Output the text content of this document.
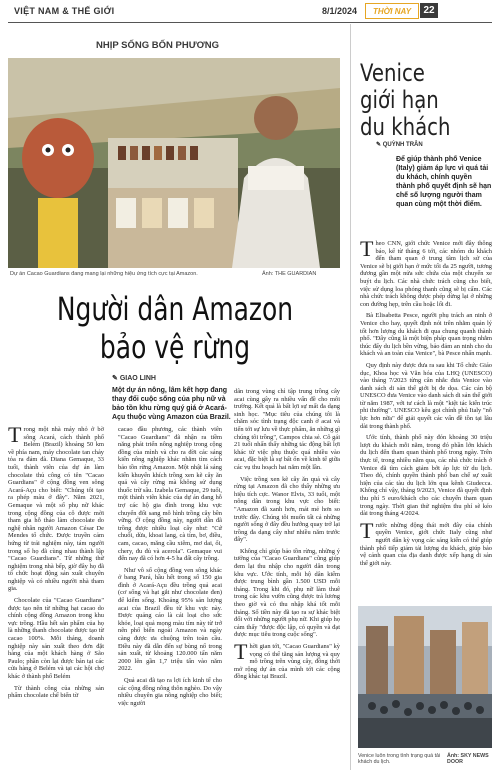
VIỆT NAM & THẾ GIỚI	8/1/2024	THỜI NAY	22
NHỊP SỐNG BỐN PHƯƠNG
Dự án Cacao Guardians đang mang lại những hiệu ứng tích cực tại Amazon.	Ảnh: THE GUARDIAN
Người dân Amazon
bảo vệ rừng
✎ GIAO LINH
Một dự án nông, lâm kết hợp đang thay đổi cuộc sống của phụ nữ và bảo tồn khu rừng quý giá ở Acará-Açu thuộc vùng Amazon của Brazil.

Trong một nhà máy nhỏ ở bờ sông Acará, cách thành phố Belém (Brazil) khoảng 50 km về phía nam, máy chocolate tan chảy tỏa ra đảm đà. Diana Gemaque, 33 tuổi, thành viên của dự án làm chocolate thủ công có tên "Cacao Guardians" ở cộng đồng ven sông Acará-Açu cho biết: "Chúng tôi tạo ra phép màu ở đây". Năm 2021, Gemaque và một số phụ nữ khác trong cộng đồng của cô được mời tham gia hỗ thảo làm chocolate do nghệ nhân người Amazon César De Mendes tổ chức. Được truyền cảm hứng từ trải nghiệm này, tám người trong số họ đã cùng nhau thành lập "Cacao Guardians". Từ những thử nghiệm trong nhà bếp, giờ đây họ đã tổ chức hoạt động sản xuất chuyên nghiệp và có nhiều người nhà tham gia.

Chocolate của "Cacao Guardians" được tạo nên từ những hạt cacao do chính cộng đồng Amazon trong khu vực trồng. Hầu hết sản phẩm của họ là những thanh chocolate được tạo từ cacao 100%. Mỗi tháng, doanh nghiệp này sản xuất theo đơn đặt hàng của một khách hàng ở São Paulo; phần còn lại được bán tại các cửa hàng ở Belém và tại các hội chợ khác ở thành phố Belém

Từ thành công của những sản phẩm chocolate chế biến từ

cacao đầu phương, các thành viên "Cacao Guardians" đã nhận ra tiềm năng phát triển nông nghiệp trong cộng đồng của mình và cho ra đời các sáng kiến nông nghiệp khác nhằm tìm cách bảo tồn rừng Amazon. Một nhật lá sáng kiến khuyến khích trồng xen kẽ cây ăn quả và cây rừng mà không sử dụng thuốc trừ sâu. Izabela Gemaque, 29 tuổi, một thành viên khác của dự án đang hỗ trợ các hộ gia đình trong khu vực chuyển đổi sang mô hình trồng cây bền vững. Ở cộng đồng này, người dân đã trồng được nhiều loại cây như: "Cứ chuối, dừa, khoai lang, cà tím, bơ, điều, cam, cacao, măng cầu xiêm, mơ dai, ổi, chery, đu đủ và acerola". Gemaque vui đến nay đã có hơn 4-5 ha đất cây trồng.

Như vô số cộng đồng ven sông khác ở bang Pará, hầu hết trong số 150 gia đình ở Acará-Açu đều trồng quả acai (cơ sống và hạt gắt như chocolate đen) để kiếm sống. Khoảng 95% sản lượng acai của Brazil đều từ khu vực này. Được quảng cáo là cái loại cho sức khỏe, loại quả mọng màu tím này từ trở nên phổ biến ngoài Amazon và ngày càng được ưa chuộng trên toàn cầu. Điều này đã dẫn đến sự bùng nổ trong sản xuất, từ khoảng 120.000 tấn năm 2000 lên gần 1,7 triệu tấn vào năm 2022.

Quả acai đã tạo ra lợi ích kinh tế cho các cộng đồng nông thôn nghèo. Do vậy nhiều chuyên gia nông nghiệp cho biết; việc người

dân trong vùng chỉ tập trung trồng cây acai cùng gây ra nhiều vấn đề cho môi trường. Kết quả là bất lợi sự mất đa dạng sinh học. "Mục tiêu của chúng tôi là chăm sóc tình trạng độc canh ở acai và tiến tới sự lưu về thực phẩm, ăn những gì chúng tôi trồng", Campos chia sẻ. Cô gái 21 tuổi nhấn thấy những tác động bất lợi khác từ việc phụ thuộc quá nhiều vào acai, đặc biệt là sự bất ổn về kinh tế giữa các vụ thu hoạch hai năm một lần.

Việc trồng xen kẽ cây ăn quả và cây rừng tại Amazon đã cho thấy những ưu hiệu tích cực. Wanor Elvis, 33 tuổi, một nông dân trong khu vực cho biết: "Amazon đã xanh hơn, mát mẻ hơn so trước đây. Chúng tôi muốn tất cả những người sống ở đây đều hướng quay trở lại trồng đa dạng cây như nhiều năm trước đây".

Không chỉ giúp bảo tồn rừng, những ý tưởng của "Cacao Guardians" cũng giúp đem lại thu nhập cho người dân trong khu vực. Ước tính, mỗi hộ dân kiếm được trung bình gần 1.500 USD mỗi tháng. Trong khi đó, phụ nữ làm thuê trong các khu vườn cũng được trả lương theo giờ và có thu nhập khá tốt mỗi tháng. Số tiền này đã tạo ra sự khác biệt đối với những người phụ nữ. Khi giúp họ cảm thấy "được độc lập, có quyền và đạt được mục tiêu trong cuộc sống".

Thời gian tới, "Cacao Guardians" kỳ vọng có thể tăng sản lượng và quy mô trồng trên vùng cây, đồng thời mở rộng dự án của mình tới các cộng đồng khác tại Brazil.

Venice
giới hạn
du khách
✎ QUỲNH TRÂN
Để giúp thành phố Venice (Italy) giảm áp lực vì quá tải du khách, chính quyền thành phố quyết định sẽ hạn chế số lượng người tham quan cùng một thời điểm.

Theo CNN, giới chức Venice mới đây thông báo, kể từ tháng 6 tới, các nhóm du khách đến tham quan ở trung tâm lịch sử của Venice sẽ bị giới hạn ở mức tối đa 25 người, tương đương gần một nửa sức chứa của một chuyến xe buýt du lịch. Các nhà chức trách cũng cho biết, việc sử dụng loa phóng thanh cũng sẽ bị cấm. Các nhà chức trách không được phép dừng lại ở những con đường hẹp, trên cầu hoặc lối đi.

Bà Elisabetta Pesce, người phụ trách an ninh ở Venice cho hay, quyết định nói trên nhằm quản lý tốt hơn lượng du khách đi qua chung quanh thành phố. "Đây cũng là một biện pháp quan trọng nhằm thúc đẩy du lịch bền vững, bảo đảm an ninh cho du khách và an toàn của Venice", bà Pesce nhấn mạnh.

Quy định này được đưa ra sau khi Tổ chức Giáo dục, Khoa học và Văn hóa của LHQ (UNESCO) vào tháng 7/2023 từng cân nhắc đưa Venice vào danh sách di sản thế giới bị đe dọa. Các cán bộ UNESCO đưa Venice vào danh sách di sản thế giới từ năm 1987, với tư cách là một "kiệt tác kiến trúc phi thường". UNESCO kêu gọi chính phủ Italy "nỗ lực hơn nữa" để giải quyết các vấn đề tồn tại lâu dài trong thành phố.

Ước tính, thành phố này đón khoảng 30 triệu lượt du khách mỗi năm, trong đó phần lớn khách du lịch đến tham quan thành phố trong ngày. Trên thực tế, trong nhiều năm qua, các nhà chức trách ở Venice đã tìm cách giảm bớt áp lực từ du lịch. Theo đó, chính quyền thành phố ban chế sự xuất hiện của các tàu du lịch lớn qua kênh Giudecca. Không chỉ vậy, tháng 9/2023, Venice đã quyết định thu phí 5 euro/khách cho các chuyến tham quan trong ngày. Thời gian thử nghiệm thu phí sẽ kéo dài trong tháng 4/2024.

Trước những động thái mới đây của chính quyền Venice, giới chức Italy cũng như người dân kỳ vọng các sáng kiến có thể giúp thành phố tiếp giảm tải lượng du khách, giúp bảo vệ cảnh quan của địa danh được xếp hạng di sản thế giới này.

Venice luôn trong tình trạng quá tải khách du lịch.
Ảnh: SKY NEWS DOOR
